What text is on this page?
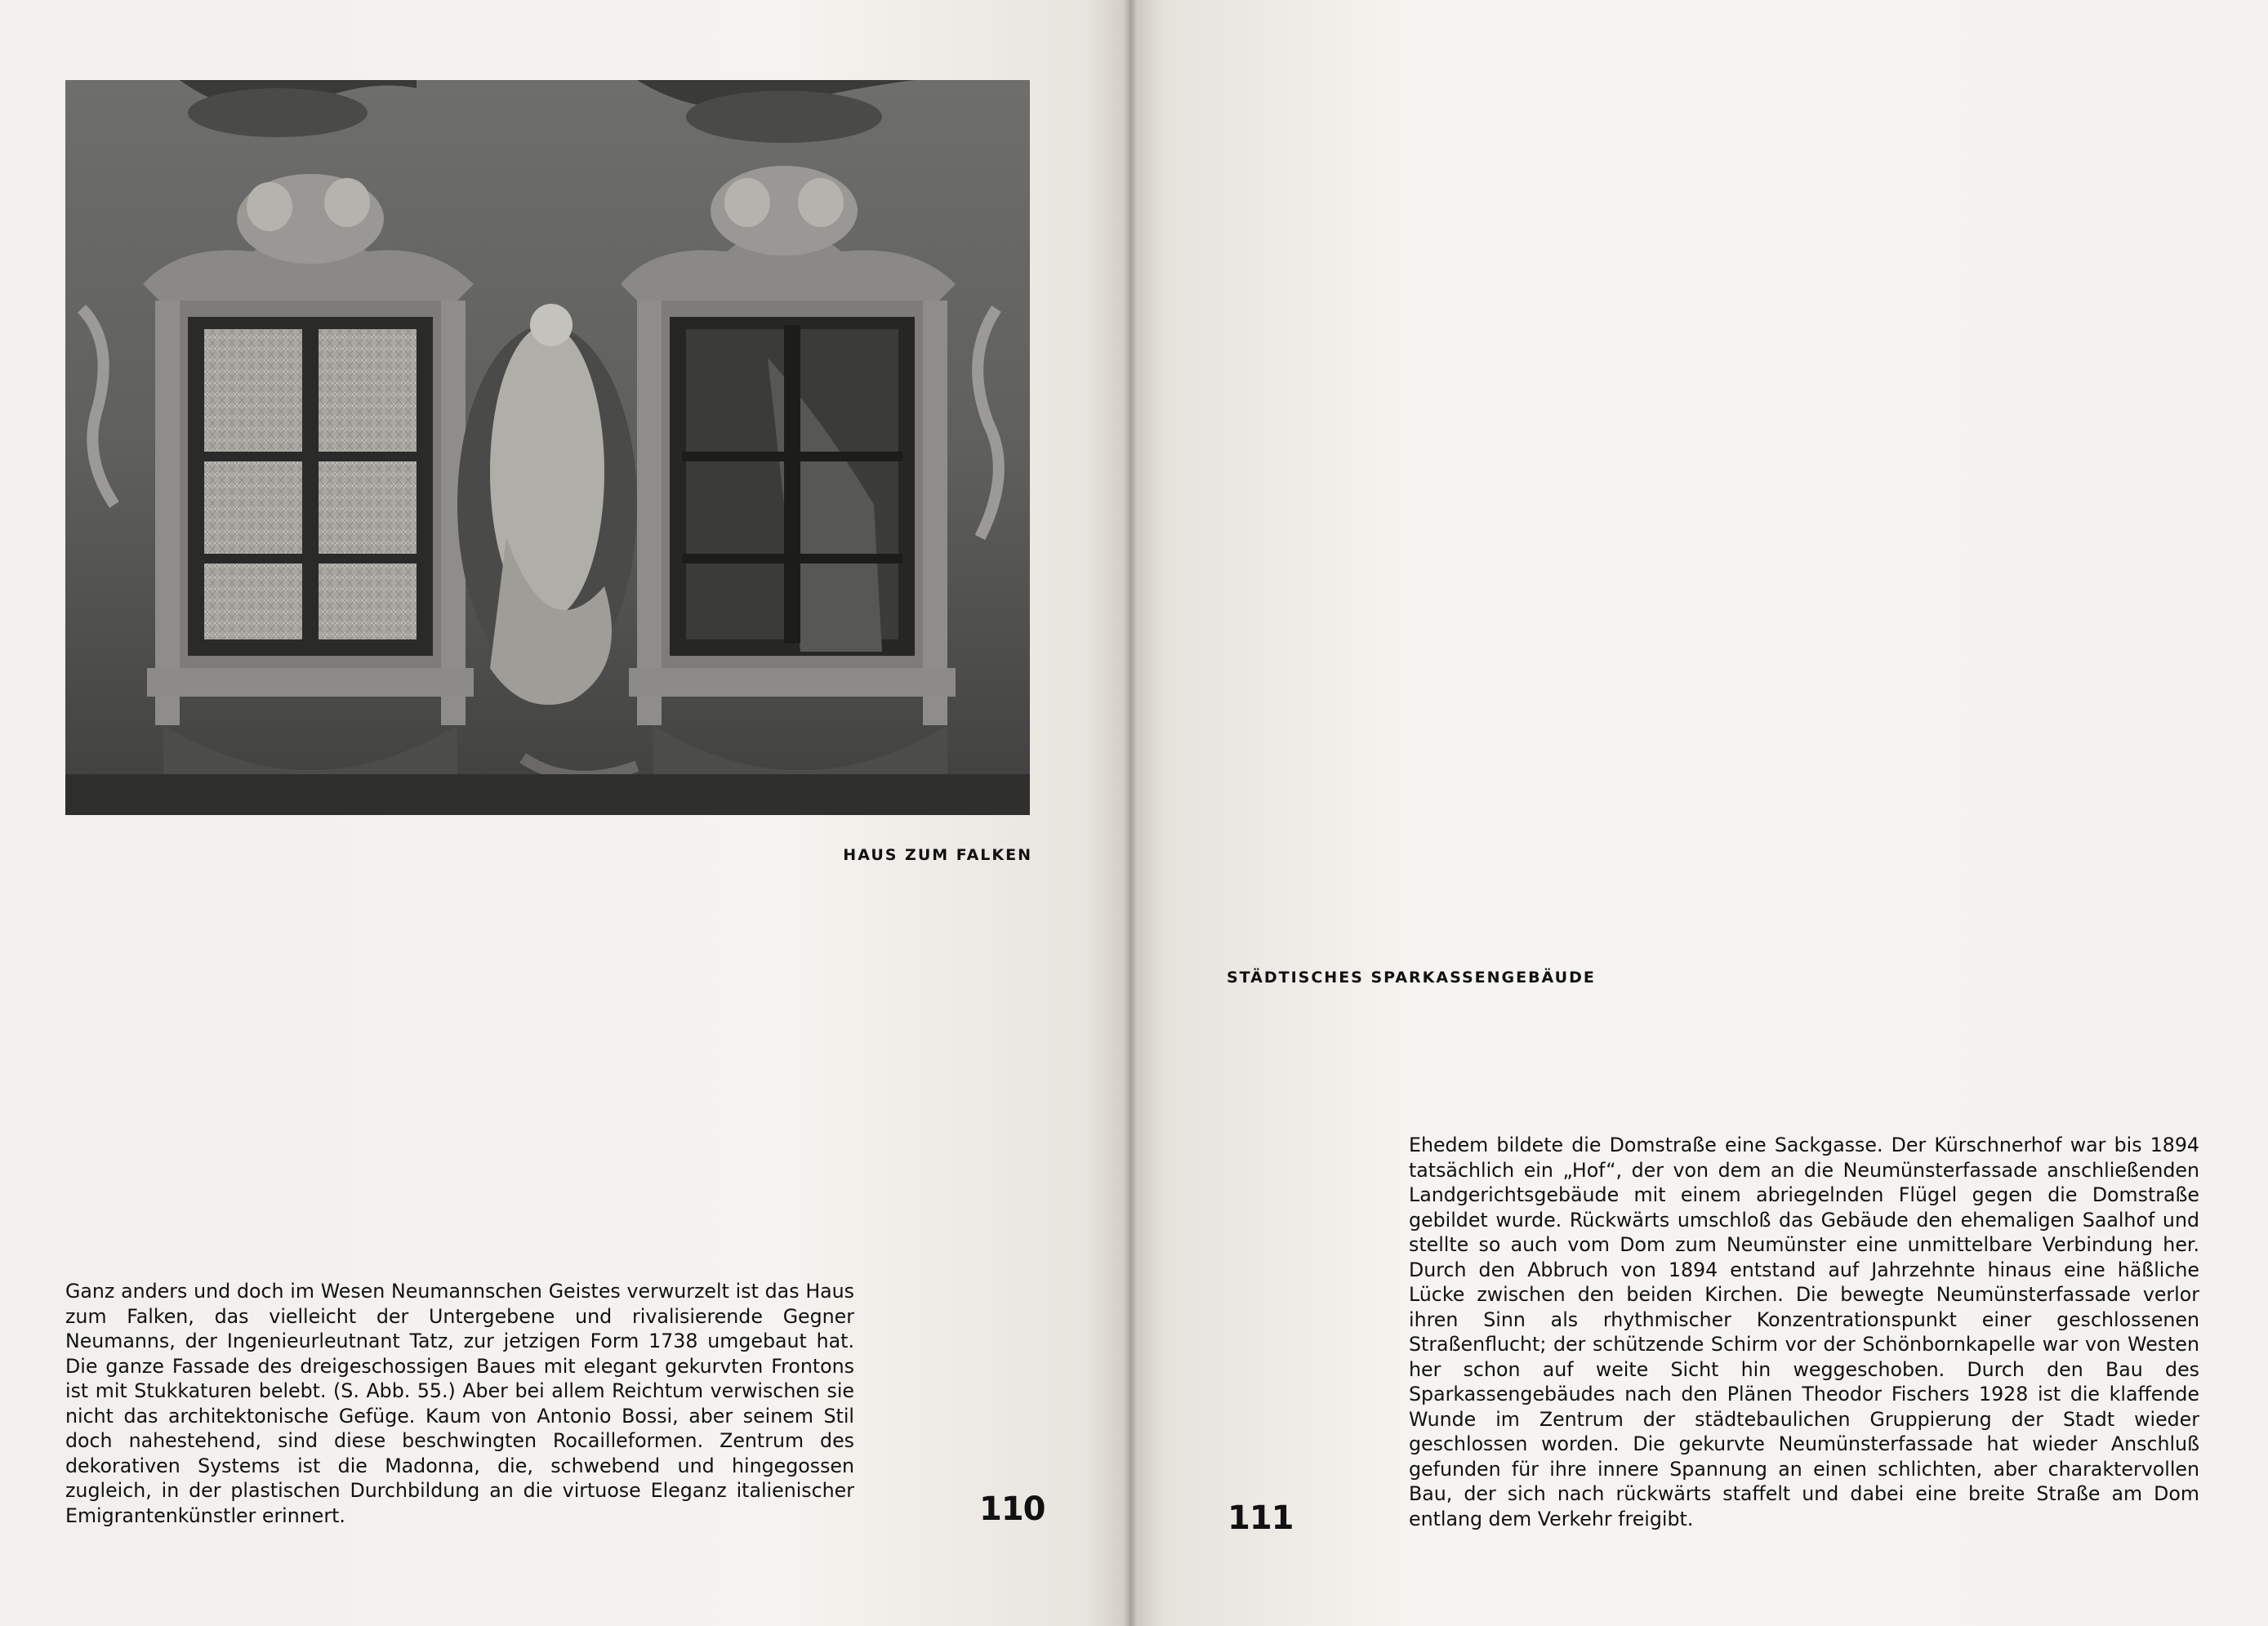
HAUS ZUM FALKEN

Ganz anders und doch im Wesen Neumannschen Geistes verwurzelt ist das Haus zum Falken, das vielleicht der Untergebene und rivalisierende Gegner Neumanns, der Ingenieurleutnant Tatz, zur jetzigen Form 1738 umgebaut hat. Die ganze Fassade des dreigeschossigen Baues mit elegant gekurvten Frontons ist mit Stukkaturen belebt. (S. Abb. 55.) Aber bei allem Reichtum verwischen sie nicht das architektonische Gefüge. Kaum von Antonio Bossi, aber seinem Stil doch nahestehend, sind diese beschwingten Rocailleformen. Zentrum des dekorativen Systems ist die Madonna, die, schwebend und hingegossen zugleich, in der plastischen Durchbildung an die virtuose Eleganz italienischer Emigrantenkünstler erinnert.	110
STÄDTISCHES SPARKASSENGEBÄUDE

Ehedem bildete die Domstraße eine Sackgasse. Der Kürschnerhof war bis 1894 tatsächlich ein „Hof“, der von dem an die Neumünsterfassade anschließenden Landgerichtsgebäude mit einem abriegelnden Flügel gegen die Domstraße gebildet wurde. Rückwärts umschloß das Gebäude den ehemaligen Saalhof und stellte so auch vom Dom zum Neumünster eine unmittelbare Verbindung her. Durch den Abbruch von 1894 entstand auf Jahrzehnte hinaus eine häßliche Lücke zwischen den beiden Kirchen. Die bewegte Neumünsterfassade verlor ihren Sinn als rhythmischer Konzentrationspunkt einer geschlossenen Straßenflucht; der schützende Schirm vor der Schönbornkapelle war von Westen her schon auf weite Sicht hin weggeschoben. Durch den Bau des Sparkassengebäudes nach den Plänen Theodor Fischers 1928 ist die klaffende Wunde im Zentrum der städtebaulichen Gruppierung der Stadt wieder geschlossen worden. Die gekurvte Neumünsterfassade hat wieder Anschluß gefunden für ihre innere Spannung an einen schlichten, aber charaktervollen Bau, der sich nach rückwärts staffelt und dabei eine breite Straße am Dom entlang dem Verkehr freigibt.

111
